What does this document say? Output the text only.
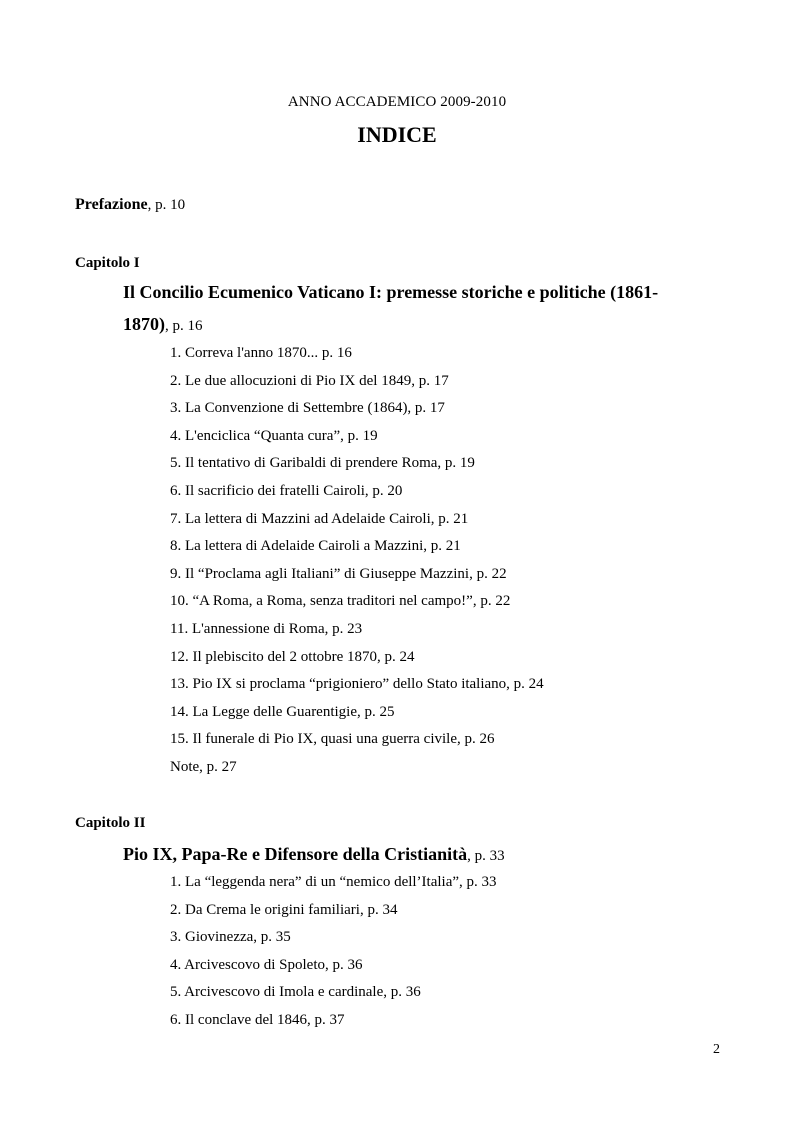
ANNO ACCADEMICO 2009-2010
INDICE
Prefazione, p. 10
Capitolo I
Il Concilio Ecumenico Vaticano I: premesse storiche e politiche (1861-1870), p. 16
1. Correva l'anno 1870... p. 16
2. Le due allocuzioni di Pio IX del 1849, p. 17
3. La Convenzione di Settembre (1864), p. 17
4. L'enciclica “Quanta cura”, p. 19
5. Il tentativo di Garibaldi di prendere Roma, p. 19
6. Il sacrificio dei fratelli Cairoli, p. 20
7. La lettera di Mazzini ad Adelaide Cairoli, p. 21
8. La lettera di Adelaide Cairoli a Mazzini, p. 21
9. Il “Proclama agli Italiani” di Giuseppe Mazzini, p. 22
10. “A Roma, a Roma, senza traditori nel campo!”, p. 22
11. L'annessione di Roma, p. 23
12. Il plebiscito del 2 ottobre 1870, p. 24
13. Pio IX si proclama “prigioniero” dello Stato italiano, p. 24
14. La Legge delle Guarentigie, p. 25
15. Il funerale di Pio IX, quasi una guerra civile, p. 26
Note, p. 27
Capitolo II
Pio IX, Papa-Re e Difensore della Cristianità, p. 33
1. La “leggenda nera” di un “nemico dell’Italia”, p. 33
2. Da Crema le origini familiari, p. 34
3. Giovinezza, p. 35
4. Arcivescovo di Spoleto, p. 36
5. Arcivescovo di Imola e cardinale, p. 36
6. Il conclave del 1846, p. 37
2
